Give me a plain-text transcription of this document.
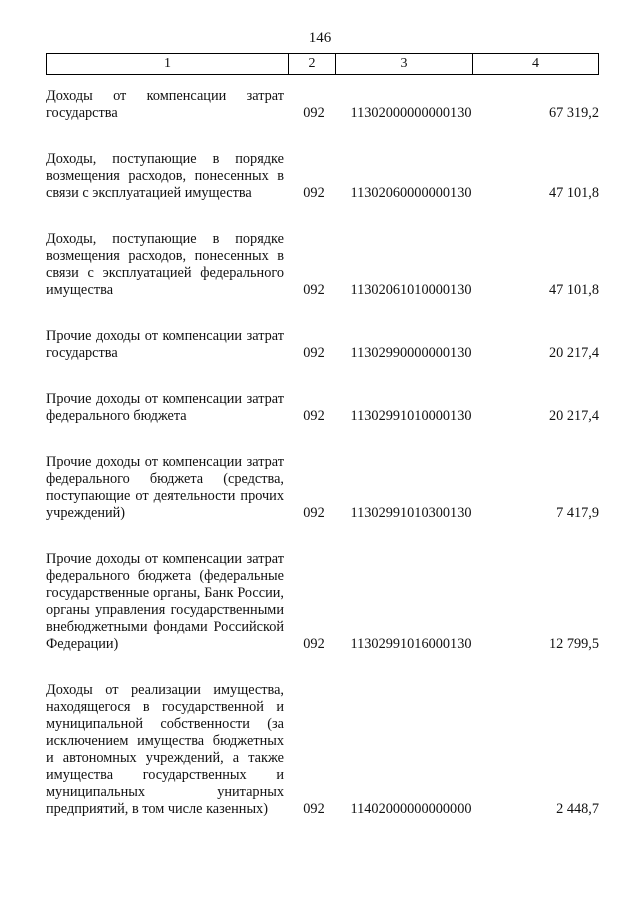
146
1	2	3	4
Доходы от компенсации затрат государства	092	11302000000000130	67 319,2
Доходы, поступающие в порядке возмещения расходов, понесенных в связи с эксплуатацией имущества	092	11302060000000130	47 101,8
Доходы, поступающие в порядке возмещения расходов, понесенных в связи с эксплуатацией федерального имущества	092	11302061010000130	47 101,8
Прочие доходы от компенсации затрат государства	092	11302990000000130	20 217,4
Прочие доходы от компенсации затрат федерального бюджета	092	11302991010000130	20 217,4
Прочие доходы от компенсации затрат федерального бюджета (средства, поступающие от деятельности прочих учреждений)	092	11302991010300130	7 417,9
Прочие доходы от компенсации затрат федерального бюджета (федеральные государственные органы, Банк России, органы управления государственными внебюджетными фондами Российской Федерации)	092	11302991016000130	12 799,5
Доходы от реализации имущества, находящегося в государственной и муниципальной собственности (за исключением имущества бюджетных и автономных учреждений, а также имущества государственных и муниципальных унитарных предприятий, в том числе казенных)	092	11402000000000000	2 448,7
